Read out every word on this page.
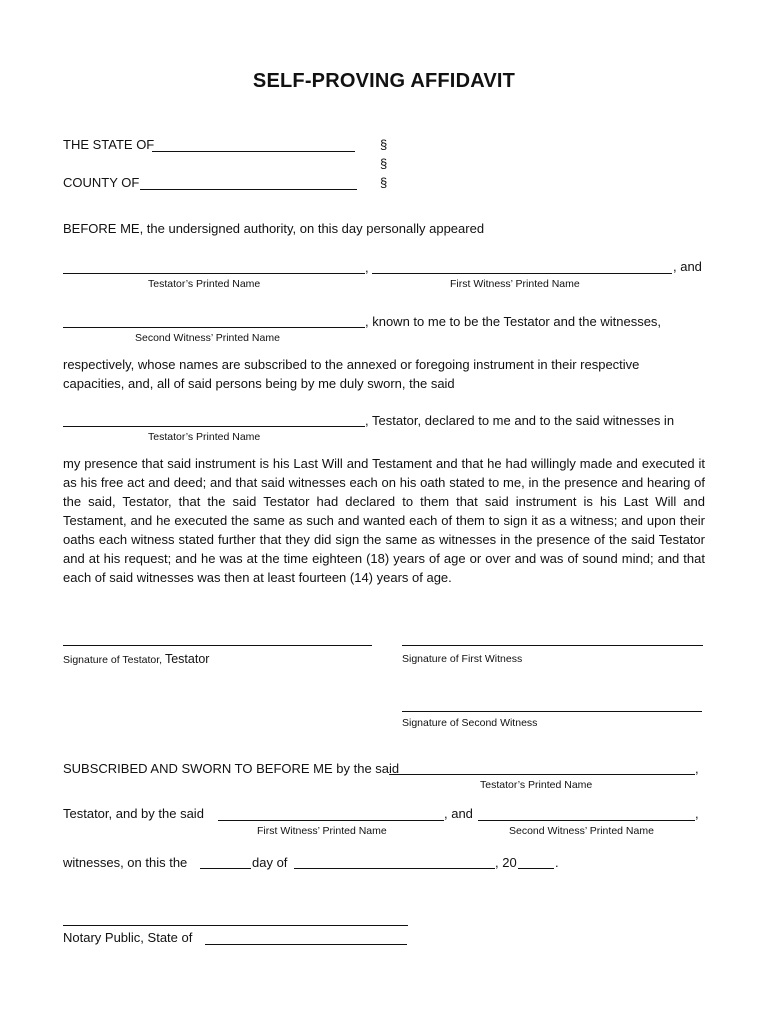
SELF-PROVING AFFIDAVIT
THE STATE OF	§
§
COUNTY OF	§
BEFORE ME, the undersigned authority, on this day personally appeared
,	, and
Testator’s Printed Name	First Witness’ Printed Name
, known to me to be the Testator and the witnesses,
Second Witness’ Printed Name

respectively, whose names are subscribed to the annexed or foregoing instrument in their respective capacities, and, all of said persons being by me duly sworn, the said

, Testator, declared to me and to the said witnesses in
Testator’s Printed Name

my presence that said instrument is his Last Will and Testament and that he had willingly made and executed it as his free act and deed; and that said witnesses each on his oath stated to me, in the presence and hearing of the said, Testator, that the said Testator had declared to them that said instrument is his Last Will and Testament, and he executed the same as such and wanted each of them to sign it as a witness; and upon their oaths each witness stated further that they did sign the same as witnesses in the presence of the said Testator and at his request; and he was at the time eighteen (18) years of age or over and was of sound mind; and that each of said witnesses was then at least fourteen (14) years of age.

Signature of Testator, Testator	Signature of First Witness
Signature of Second Witness
SUBSCRIBED AND SWORN TO BEFORE ME by the said	,
Testator’s Printed Name
Testator, and by the said	, and	,
First Witness’ Printed Name	Second Witness’ Printed Name
witnesses, on this the	day of	, 20	.
Notary Public, State of
